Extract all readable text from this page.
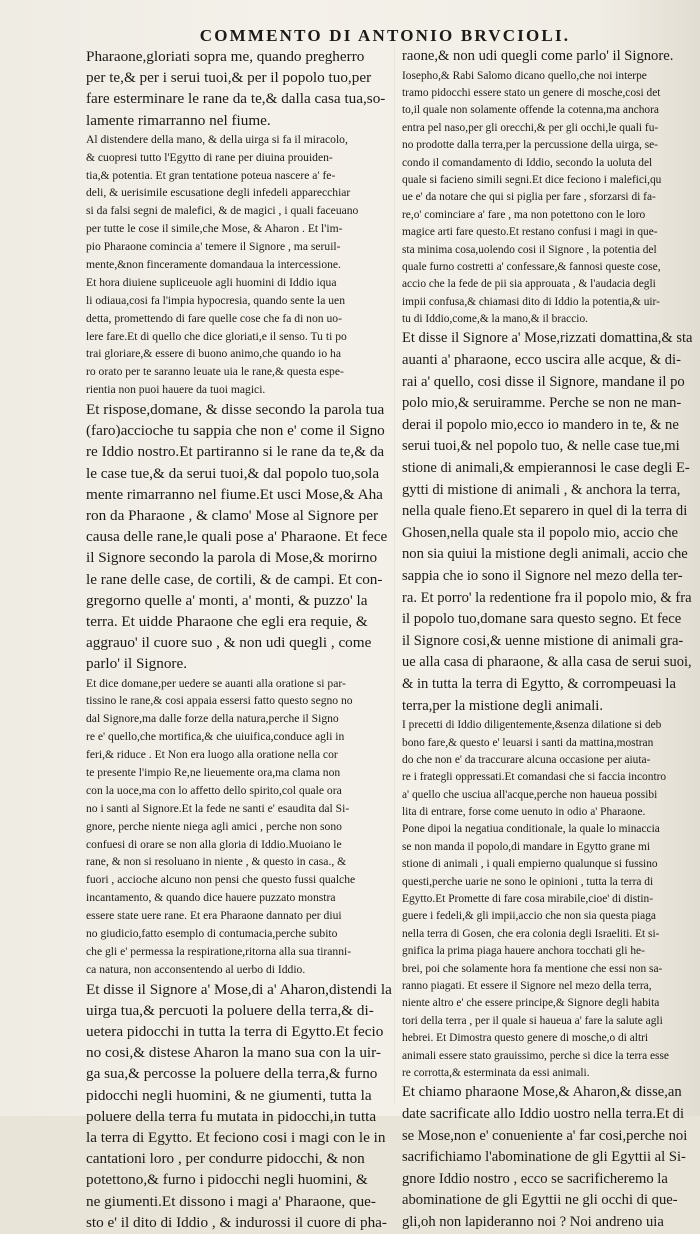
COMMENTO DI ANTONIO BRVCIOLI.
Pharaone,gloriati sopra me, quando pregherro
per te,& per i serui tuoi,& per il popolo tuo,per
fare esterminare le rane da te,& dalla casa tua,so-
lamente rimarranno nel fiume.
Al distendere della mano, & della uirga si fa il miracolo,
& cuopresi tutto l'Egytto di rane per diuina prouiden-
tia,& potentia. Et gran tentatione poteua nascere a' fe-
deli, & uerisimile escusatione degli infedeli apparecchiar
si da falsi segni de malefici, & de magici , i quali faceuano
per tutte le cose il simile,che Mose, & Aharon . Et l'im-
pio Pharaone comincia a' temere il Signore , ma seruil-
mente,&non finceramente domandaua la intercessione.
Et hora diuiene supliceuole agli huomini di Iddio iqua
li odiaua,cosi fa l'impia hypocresia, quando sente la uen
detta, promettendo di fare quelle cose che fa di non uo-
lere fare.Et di quello che dice gloriati,e il senso. Tu ti po
trai gloriare,& essere di buono animo,che quando io ha
ro orato per te saranno leuate uia le rane,& questa espe-
rientia non puoi hauere da tuoi magici.
Et rispose,domane, & disse secondo la parola tua
(faro)accioche tu sappia che non e' come il Signo
re Iddio nostro.Et partiranno si le rane da te,& da
le case tue,& da serui tuoi,& dal popolo tuo,sola
mente rimarranno nel fiume.Et usci Mose,& Aha
ron da Pharaone , & clamo' Mose al Signore per
causa delle rane,le quali pose a' Pharaone. Et fece
il Signore secondo la parola di Mose,& morirno
le rane delle case, de cortili, & de campi. Et con-
gregorno quelle a' monti, a' monti, & puzzo' la
terra. Et uidde Pharaone che egli era requie, &
aggrauo' il cuore suo , & non udi quegli , come
parlo' il Signore.
Et dice domane,per uedere se auanti alla oratione si par-
tissino le rane,& cosi appaia essersi fatto questo segno no
dal Signore,ma dalle forze della natura,perche il Signo
re e' quello,che mortifica,& che uiuifica,conduce agli in
feri,& riduce . Et Non era luogo alla oratione nella cor
te presente l'impio Re,ne lieuemente ora,ma clama non
con la uoce,ma con lo affetto dello spirito,col quale ora
no i santi al Signore.Et la fede ne santi e' esaudita dal Si-
gnore, perche niente niega agli amici , perche non sono
confuesi di orare se non alla gloria di Iddio.Muoiano le
rane, & non si resoluano in niente , & questo in casa., &
fuori , accioche alcuno non pensi che questo fussi qualche
incantamento, & quando dice hauere puzzato monstra
essere state uere rane. Et era Pharaone dannato per diui
no giudicio,fatto esemplo di contumacia,perche subito
che gli e' permessa la respiratione,ritorna alla sua tiranni-
ca natura, non acconsentendo al uerbo di Iddio.
Et disse il Signore a' Mose,di a' Aharon,distendi la
uirga tua,& percuoti la poluere della terra,& di-
uetera pidocchi in tutta la terra di Egytto.Et fecio
no cosi,& distese Aharon la mano sua con la uir-
ga sua,& percosse la poluere della terra,& furno
pidocchi negli huomini, & ne giumenti, tutta la
poluere della terra fu mutata in pidocchi,in tutta
la terra di Egytto. Et feciono cosi i magi con le in
cantationi loro , per condurre pidocchi, & non
potettono,& furno i pidocchi negli huomini, &
ne giumenti.Et dissono i magi a' Pharaone, que-
sto e' il dito di Iddio , & indurossi il cuore di pha-
raone,& non udi quegli come parlo' il Signore.
Iosepho,& Rabi Salomo dicano quello,che noi interpe
tramo pidocchi essere stato un genere di mosche,cosi det
to,il quale non solamente offende la cotenna,ma anchora
entra pel naso,per gli orecchi,& per gli occhi,le quali fu-
no prodotte dalla terra,per la percussione della uirga, se-
condo il comandamento di Iddio, secondo la uoluta del
quale si facieno simili segni.Et dice feciono i malefici,qu
ue e' da notare che qui si piglia per fare , sforzarsi di fa-
re,o' cominciare a' fare , ma non potettono con le loro
magice arti fare questo.Et restano confusi i magi in que-
sta minima cosa,uolendo cosi il Signore , la potentia del
quale furno costretti a' confessare,& fannosi queste cose,
accio che la fede de pii sia approuata , & l'audacia degli
impii confusa,& chiamasi dito di Iddio la potentia,& uir-
tu di Iddio,come,& la mano,& il braccio.
Et disse il Signore a' Mose,rizzati domattina,& sta
auanti a' pharaone, ecco uscira alle acque, & di-
rai a' quello, cosi disse il Signore, mandane il po
polo mio,& seruiramme. Perche se non ne man-
derai il popolo mio,ecco io mandero in te, & ne
serui tuoi,& nel popolo tuo, & nelle case tue,mi
stione di animali,& empierannosi le case degli E-
gytti di mistione di animali , & anchora la terra,
nella quale fieno.Et separero in quel di la terra di
Ghosen,nella quale sta il popolo mio, accio che
non sia quiui la mistione degli animali, accio che
sappia che io sono il Signore nel mezo della ter-
ra. Et porro' la redentione fra il popolo mio, & fra
il popolo tuo,domane sara questo segno. Et fece
il Signore cosi,& uenne mistione di animali gra-
ue alla casa di pharaone, & alla casa de serui suoi,
& in tutta la terra di Egytto, & corrompeuasi la
terra,per la mistione degli animali.
I precetti di Iddio diligentemente,&senza dilatione si deb
bono fare,& questo e' leuarsi i santi da mattina,mostran
do che non e' da traccurare alcuna occasione per aiuta-
re i frategli oppressati.Et comandasi che si faccia incontro
a' quello che usciua all'acque,perche non haueua possibi
lita di entrare, forse come uenuto in odio a' Pharaone.
Pone dipoi la negatiua conditionale, la quale lo minaccia
se non manda il popolo,di mandare in Egytto grane mi
stione di animali , i quali empierno qualunque si fussino
questi,perche uarie ne sono le opinioni , tutta la terra di
Egytto.Et Promette di fare cosa mirabile,cioe' di distin-
guere i fedeli,& gli impii,accio che non sia questa piaga
nella terra di Gosen, che era colonia degli Israeliti. Et si-
gnifica la prima piaga hauere anchora tocchati gli he-
brei, poi che solamente hora fa mentione che essi non sa-
ranno piagati. Et essere il Signore nel mezo della terra,
niente altro e' che essere principe,& Signore degli habita
tori della terra , per il quale si haueua a' fare la salute agli
hebrei. Et Dimostra questo genere di mosche,o di altri
animali essere stato grauissimo, perche si dice la terra esse
re corrotta,& esterminata da essi animali.
Et chiamo pharaone Mose,& Aharon,& disse,an
date sacrificate allo Iddio uostro nella terra.Et di
se Mose,non e' conueniente a' far cosi,perche noi
sacrifichiamo l'abominatione de gli Egyttii al Si-
gnore Iddio nostro , ecco se sacrificheremo la
abominatione de gli Egyttii ne gli occhi di que-
gli,oh non lapideranno noi ? Noi andreno uia
